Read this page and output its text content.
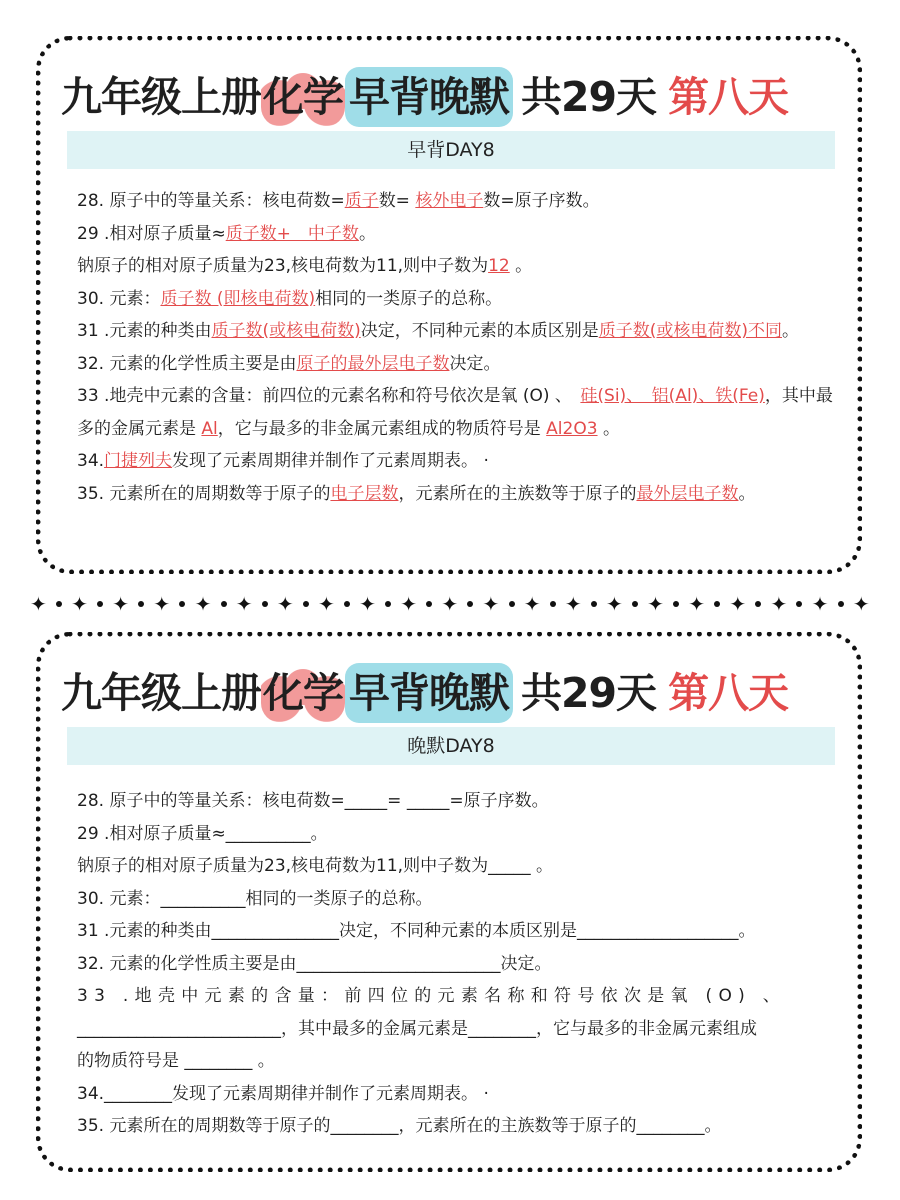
九年级上册化学 早背晚默 共29天 第八天
早背DAY8

28. 原子中的等量关系：核电荷数=质子数= 核外电子数=原子序数。

29 .相对原子质量≈质子数+　中子数。

钠原子的相对原子质量为23,核电荷数为11,则中子数为12 。

30. 元素：质子数 (即核电荷数)相同的一类原子的总称。

31 .元素的种类由质子数(或核电荷数)决定，不同种元素的本质区别是质子数(或核电荷数)不同。

32. 元素的化学性质主要是由原子的最外层电子数决定。

33 .地壳中元素的含量：前四位的元素名称和符号依次是氧 (O) 、　硅(Si)、　铝(Al)、铁(Fe)，其中最多的金属元素是 Al，它与最多的非金属元素组成的物质符号是 Al2O3 。

34.门捷列夫发现了元素周期律并制作了元素周期表。 ·

35. 元素所在的周期数等于原子的电子层数，元素所在的主族数等于原子的最外层电子数。

✦ ✦ ✦ ✦ ✦ ✦ ✦ ✦ ✦ ✦ ✦ ✦ ✦ ✦ ✦ ✦ ✦ ✦ ✦ ✦ ✦
九年级上册化学 早背晚默 共29天 第八天
晚默DAY8

28. 原子中的等量关系：核电荷数=_____= _____=原子序数。

29 .相对原子质量≈__________。

钠原子的相对原子质量为23,核电荷数为11,则中子数为_____ 。

30. 元素：__________相同的一类原子的总称。

31 .元素的种类由_______________决定，不同种元素的本质区别是___________________。

32. 元素的化学性质主要是由________________________决定。

33 .地壳中元素的含量：前四位的元素名称和符号依次是氧 (O) 、

________________________，其中最多的金属元素是________，它与最多的非金属元素组成

的物质符号是 ________ 。

34.________发现了元素周期律并制作了元素周期表。 ·

35. 元素所在的周期数等于原子的________，元素所在的主族数等于原子的________。
